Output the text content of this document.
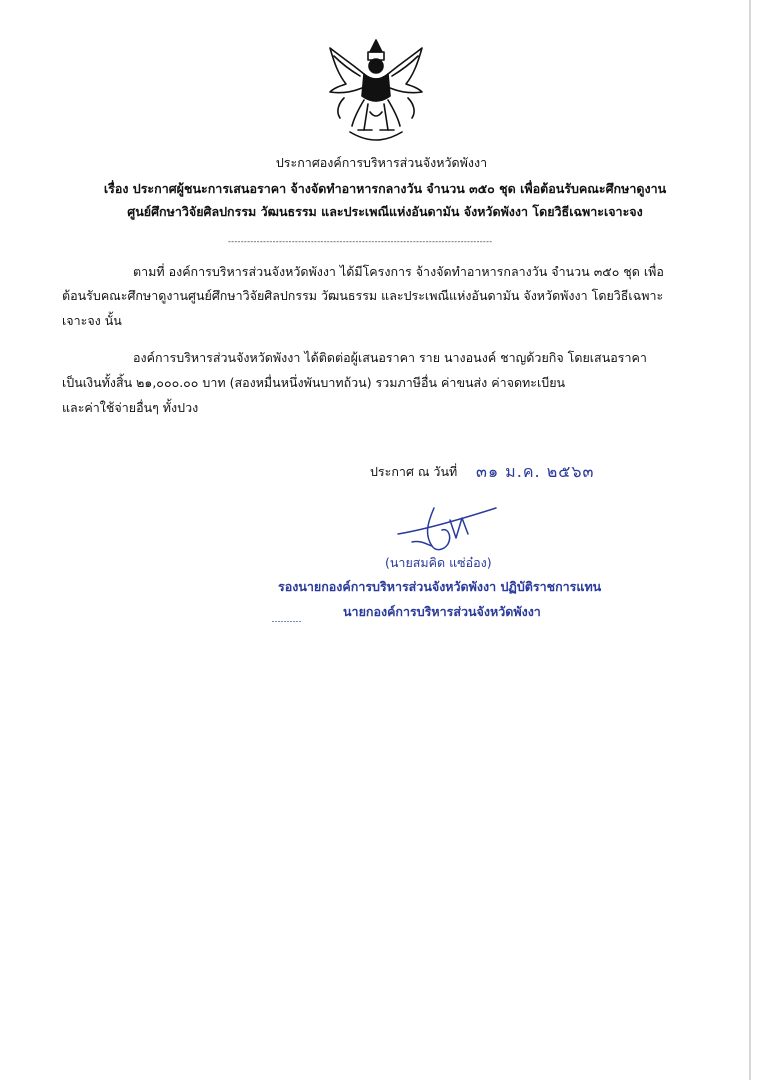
ประกาศองค์การบริหารส่วนจังหวัดพังงา
เรื่อง ประกาศผู้ชนะการเสนอราคา จ้างจัดทำอาหารกลางวัน จำนวน ๓๕๐ ชุด เพื่อต้อนรับคณะศึกษาดูงาน
ศูนย์ศึกษาวิจัยศิลปกรรม วัฒนธรรม และประเพณีแห่งอันดามัน จังหวัดพังงา โดยวิธีเฉพาะเจาะจง
-----------------------------------------------------------------------------------
ตามที่ องค์การบริหารส่วนจังหวัดพังงา ได้มีโครงการ จ้างจัดทำอาหารกลางวัน จำนวน ๓๕๐ ชุด เพื่อ
ต้อนรับคณะศึกษาดูงานศูนย์ศึกษาวิจัยศิลปกรรม วัฒนธรรม และประเพณีแห่งอันดามัน จังหวัดพังงา โดยวิธีเฉพาะ
เจาะจง นั้น
องค์การบริหารส่วนจังหวัดพังงา ได้ติดต่อผู้เสนอราคา ราย นางอนงค์ ชาญด้วยกิจ โดยเสนอราคา
เป็นเงินทั้งสิ้น ๒๑,๐๐๐.๐๐ บาท (สองหมื่นหนึ่งพันบาทถ้วน) รวมภาษีอื่น ค่าขนส่ง ค่าจดทะเบียน
และค่าใช้จ่ายอื่นๆ ทั้งปวง
ประกาศ ณ วันที่ ๓๑ ม.ค. ๒๕๖๓
(นายสมคิด แซ่อ๋อง)
รองนายกองค์การบริหารส่วนจังหวัดพังงา ปฏิบัติราชการแทน
นายกองค์การบริหารส่วนจังหวัดพังงา
